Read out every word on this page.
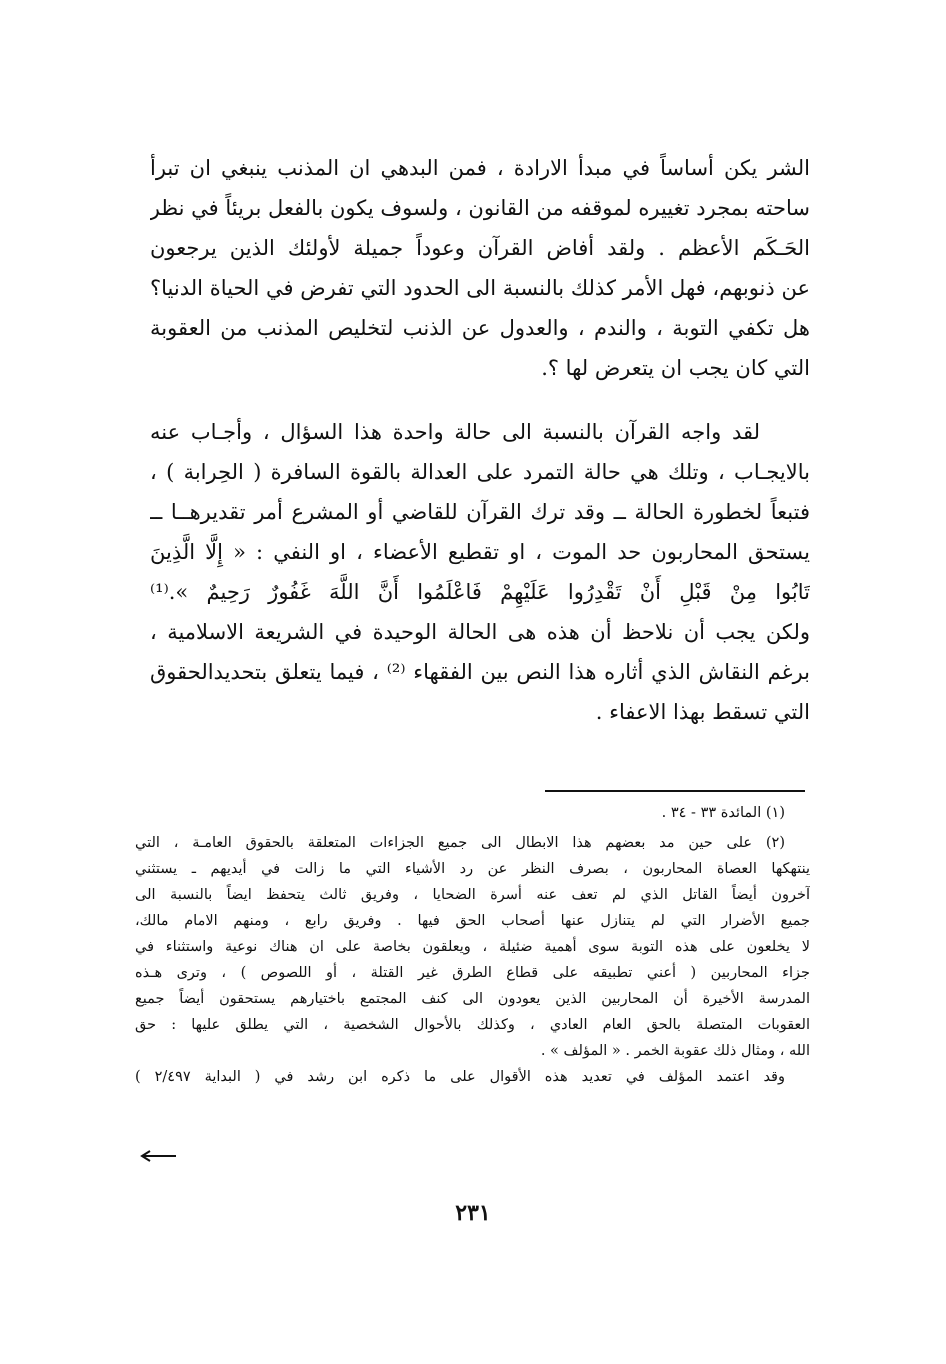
الشر يكن أساساً في مبدأ الارادة ، فمن البدهي ان المذنب ينبغي ان تبرأ
ساحته بمجرد تغييره لموقفه من القانون ، ولسوف يكون بالفعل بريئاً في نظر
الحَـكَم الأعظم . ولقد أفاض القرآن وعوداً جميلة لأولئك الذين يرجعون
عن ذنوبهم، فهل الأمر كذلك بالنسبة الى الحدود التي تفرض في الحياة الدنيا؟
هل تكفي التوبة ، والندم ، والعدول عن الذنب لتخليص المذنب من العقوبة
التي كان يجب ان يتعرض لها ؟.
لقد واجه القرآن بالنسبة الى حالة واحدة هذا السؤال ، وأجـاب عنه
بالايجـاب ، وتلك هي حالة التمرد على العدالة بالقوة السافرة ( الحِرابة ) ،
فتبعاً لخطورة الحالة ــ وقد ترك القرآن للقاضي أو المشرع أمر تقديرهــا ــ
يستحق المحاربون حد الموت ، او تقطيع الأعضاء ، او النفي : « إِلَّا الَّذِينَ
تَابُوا مِنْ قَبْلِ أَنْ تَقْدِرُوا عَلَيْهِمْ فَاعْلَمُوا أَنَّ اللَّهَ غَفُورٌ رَحِيمٌ ».⁽¹⁾
ولكن يجب أن نلاحظ أن هذه هى الحالة الوحيدة في الشريعة الاسلامية ،
برغم النقاش الذي أثاره هذا النص بين الفقهاء ⁽²⁾ ، فيما يتعلق بتحديدالحقوق
التي تسقط بهذا الاعفاء .
(١) المائدة ٣٣ - ٣٤ .
(٢) على حين مد بعضهم هذا الابطال الى جميع الجزاءات المتعلقة بالحقوق العامـة ، التي
ينتهكها العصاة المحاربون ، بصرف النظر عن رد الأشياء التي ما زالت في أيديهم ـ يستثني
آخرون أيضاً القاتل الذي لم تعف عنه أسرة الضحايا ، وفريق ثالث يتحفظ ايضاً بالنسبة الى
جميع الأضرار التي لم يتنازل عنها أصحاب الحق فيها . وفريق رابع ، ومنهم الامام مالك،
لا يخلعون على هذه التوبة سوى أهمية ضئيلة ، ويعلقون بخاصة على ان هناك نوعية واستثناء في
جزاء المحاربين ( أعني تطبيقه على قطاع الطرق غير القتلة ، أو اللصوص ) ، وترى هـذه
المدرسة الأخيرة أن المحاربين الذين يعودون الى كنف المجتمع باختيارهم يستحقون أيضاً جميع
العقوبات المتصلة بالحق العام العادي ، وكذلك بالأحوال الشخصية ، التي يطلق عليها : حق
الله ، ومثال ذلك عقوبة الخمر . « المؤلف » .
وقد اعتمد المؤلف في تعديد هذه الأقوال على ما ذكره ابن رشد في ( البداية ٢/٤٩٧ )
٢٣١
